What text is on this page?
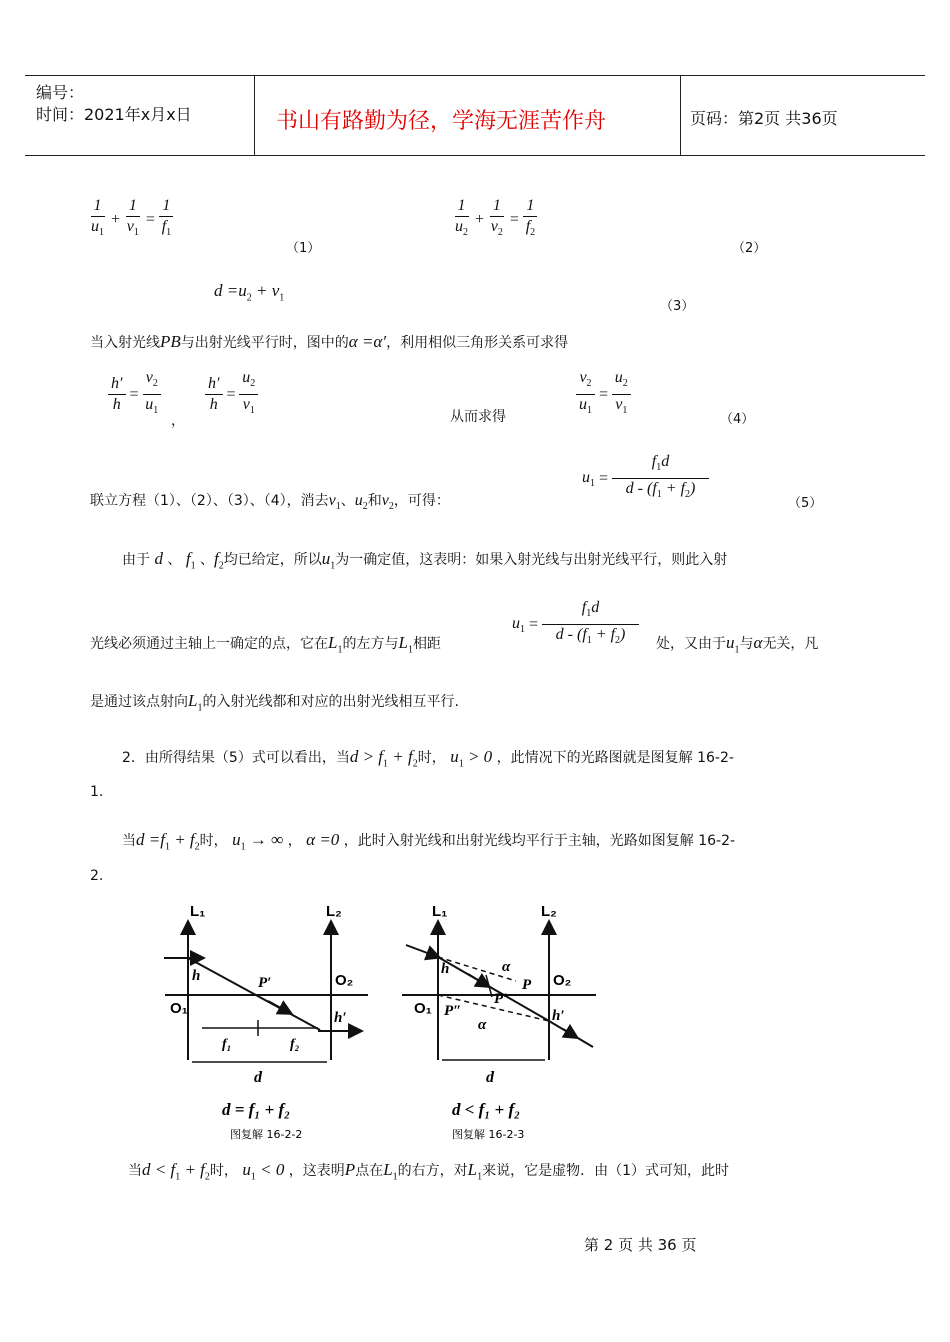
编号：
时间：2021年x月x日	书山有路勤为径，学海无涯苦作舟	页码：第2页 共36页
$\frac{1}{u_1} + \frac{1}{v_1} = \frac{1}{f_1}$
（1）
$\frac{1}{u_2} + \frac{1}{v_2} = \frac{1}{f_2}$
（2）
$d =u_2 + v_1$
（3）
当入射光线PB与出射光线平行时，图中的α =α′，利用相似三角形关系可求得
$\frac{h'}{h} = \frac{v_2}{u_1}$ ，
$\frac{h'}{h} = \frac{u_2}{v_1}$	从而求得	$\frac{v_2}{u_1} = \frac{u_2}{v_1}$	（4）
联立方程（1）、（2）、（3）、（4），消去$v_1$、$u_2$和$v_2$，可得：
$u_1 = \frac{f_1d}{d - (f_1 + f_2)}$	（5）
由于 d 、 $f_1$ 、$f_2$均已给定，所以$u_1$为一确定值，这表明：如果入射光线与出射光线平行，则此入射
光线必须通过主轴上一确定的点，它在$L_1$的左方与$L_1$相距
$u_1 = \frac{f_1d}{d - (f_1 + f_2)}$ 处，又由于$u_1$与α无关，凡
是通过该点射向$L_1$的入射光线都和对应的出射光线相互平行.
2．由所得结果（5）式可以看出，当$d > f_1 + f_2$时， $u_1 > 0$ ，此情况下的光路图就是图复解 16-2-
1.
当$d =f_1 + f_2$时， $u_1$ → ∞ ， α =0 ，此时入射光线和出射光线均平行于主轴，光路如图复解 16-2-
2.
L₁	L₂
h	P′	O₂
O₁
h′
f₁	f₂
d
d = f₁ + f₂
图复解 16-2-2
L₁	L₂
h	α
P O₂
P′
O₁ P″
α
h′
d
d < f₁ + f₂
图复解 16-2-3
当$d < f_1 + f_2$时， $u_1 < 0$ ，这表明P点在$L_1$的右方，对$L_1$来说，它是虚物．由（1）式可知，此时
第 2 页 共 36 页
